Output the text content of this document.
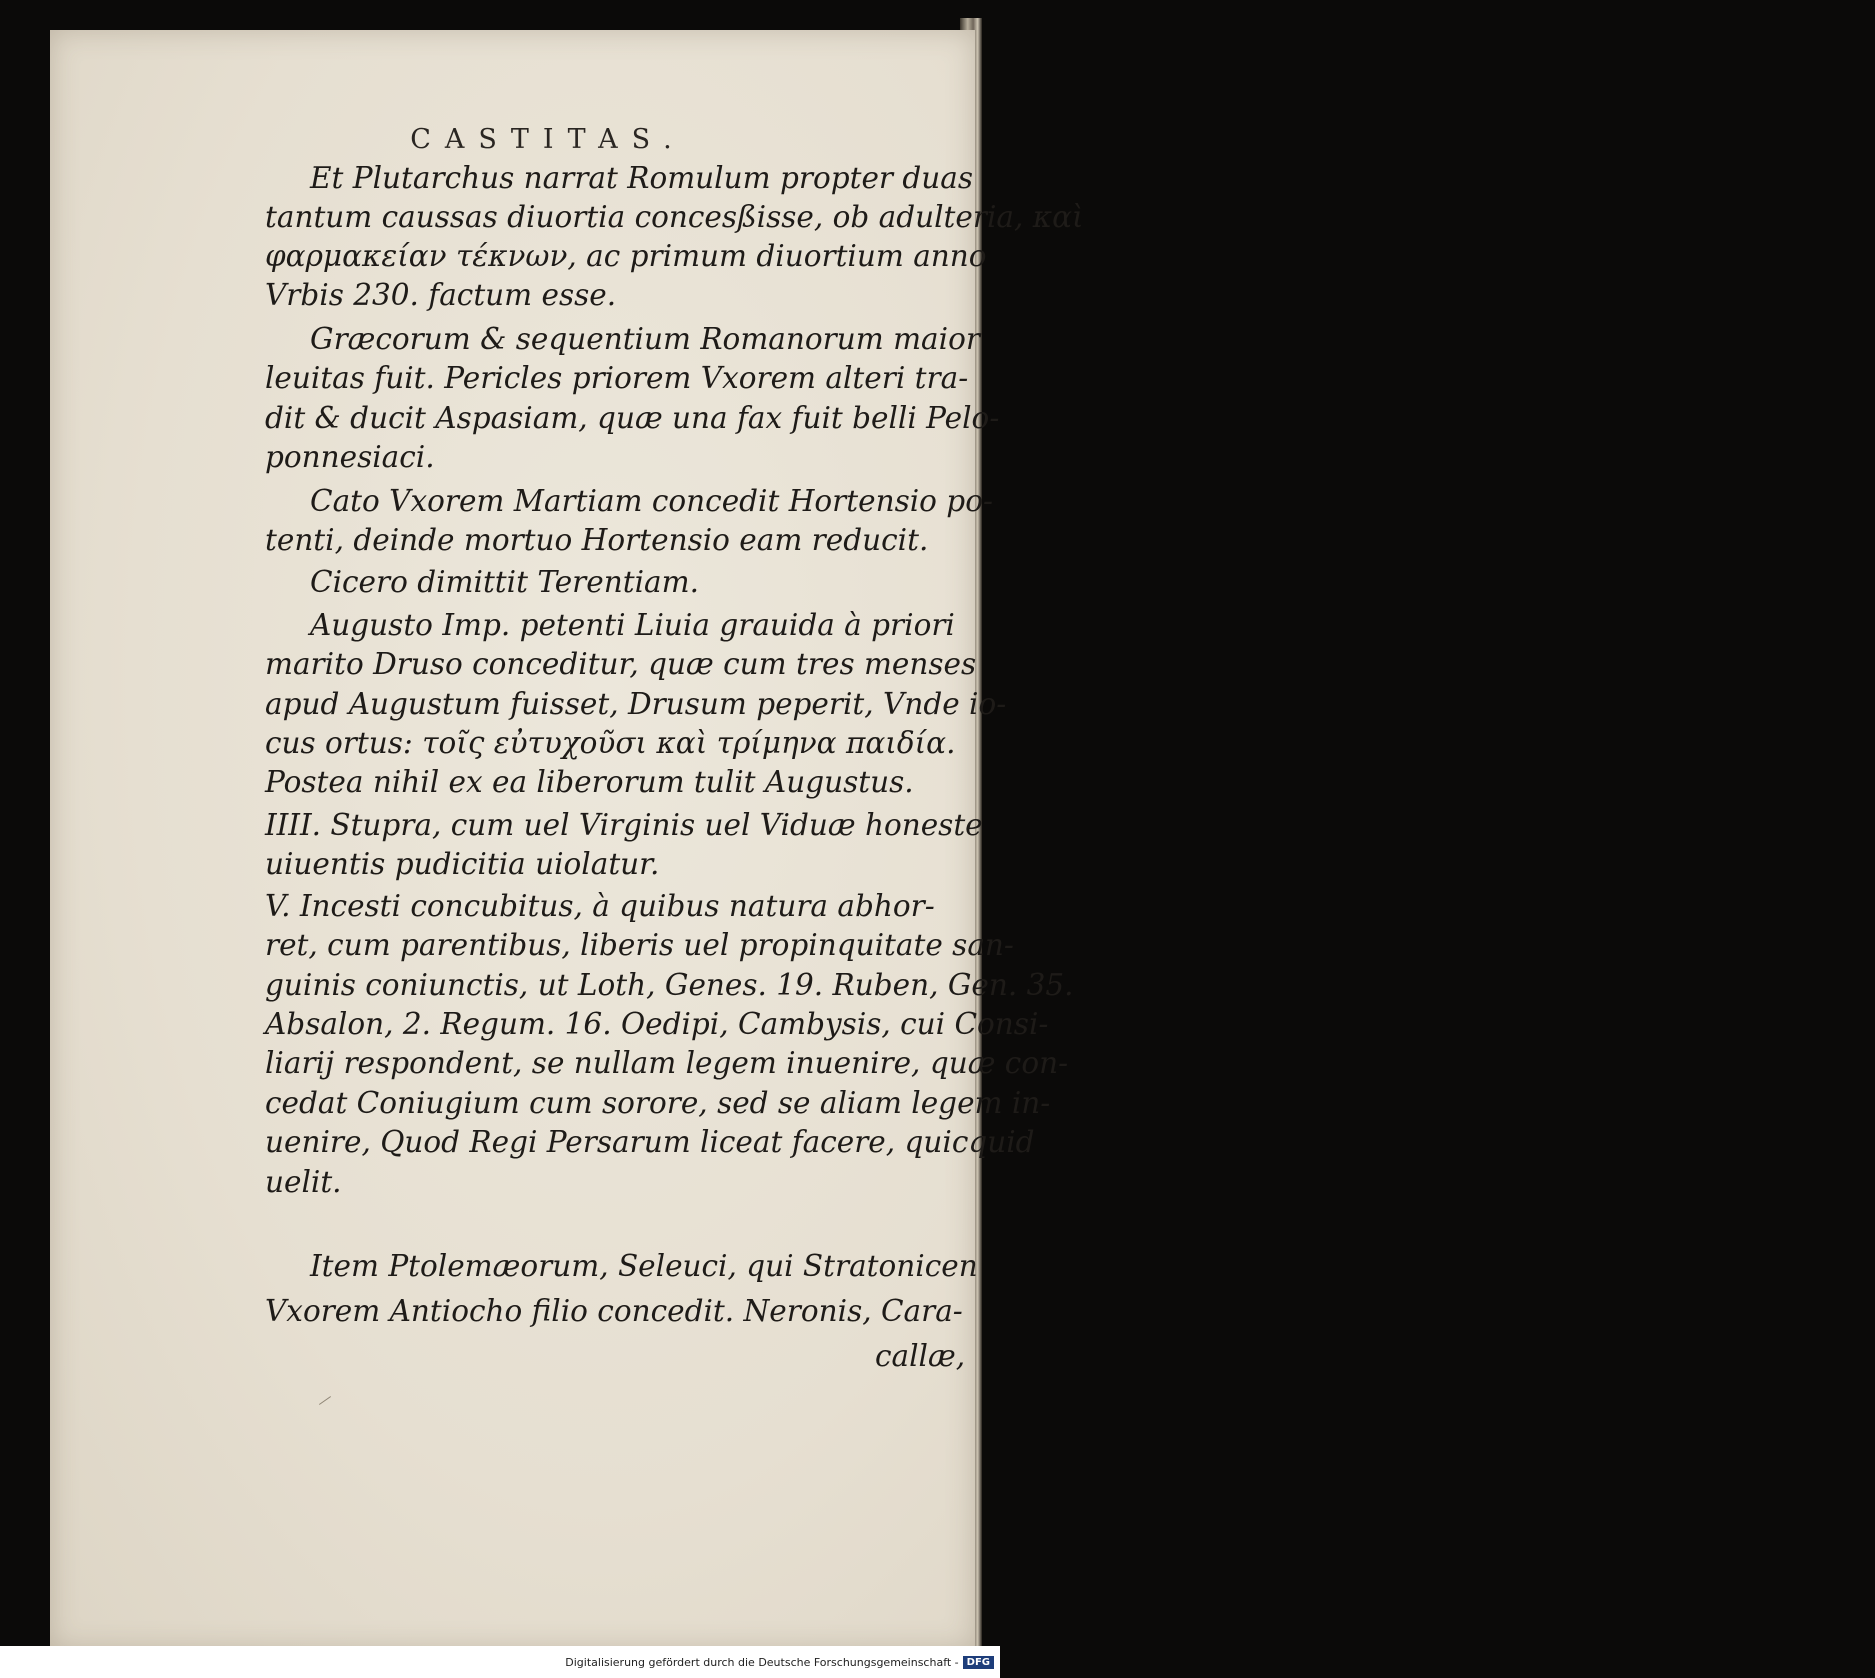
CASTITAS.
Et Plutarchus narrat Romulum propter duas
tantum caussas diuortia concesßisse, ob adulteria, καὶ
φαρμακείαν τέκνων, ac primum diuortium anno
Vrbis 230. factum esse.
Græcorum & sequentium Romanorum maior
leuitas fuit. Pericles priorem Vxorem alteri tra-
dit & ducit Aspasiam, quæ una fax fuit belli Pelo-
ponnesiaci.
Cato Vxorem Martiam concedit Hortensio po-
tenti, deinde mortuo Hortensio eam reducit.
Cicero dimittit Terentiam.
Augusto Imp. petenti Liuia grauida à priori
marito Druso conceditur, quæ cum tres menses
apud Augustum fuisset, Drusum peperit, Vnde io-
cus ortus: τοῖς εὐτυχοῦσι καὶ τρίμηνα παιδία.
Postea nihil ex ea liberorum tulit Augustus.
IIII. Stupra, cum uel Virginis uel Viduæ honeste
uiuentis pudicitia uiolatur.
V. Incesti concubitus, à quibus natura abhor-
ret, cum parentibus, liberis uel propinquitate san-
guinis coniunctis, ut Loth, Genes. 19. Ruben, Gen. 35.
Absalon, 2. Regum. 16. Oedipi, Cambysis, cui Consi-
liarij respondent, se nullam legem inuenire, quæ con-
cedat Coniugium cum sorore, sed se aliam legem in-
uenire, Quod Regi Persarum liceat facere, quicquid
uelit.
Item Ptolemæorum, Seleuci, qui Stratonicen
Vxorem Antiocho filio concedit. Neronis, Cara-
callæ,
Digitalisierung gefördert durch die Deutsche Forschungsgemeinschaft - DFG
